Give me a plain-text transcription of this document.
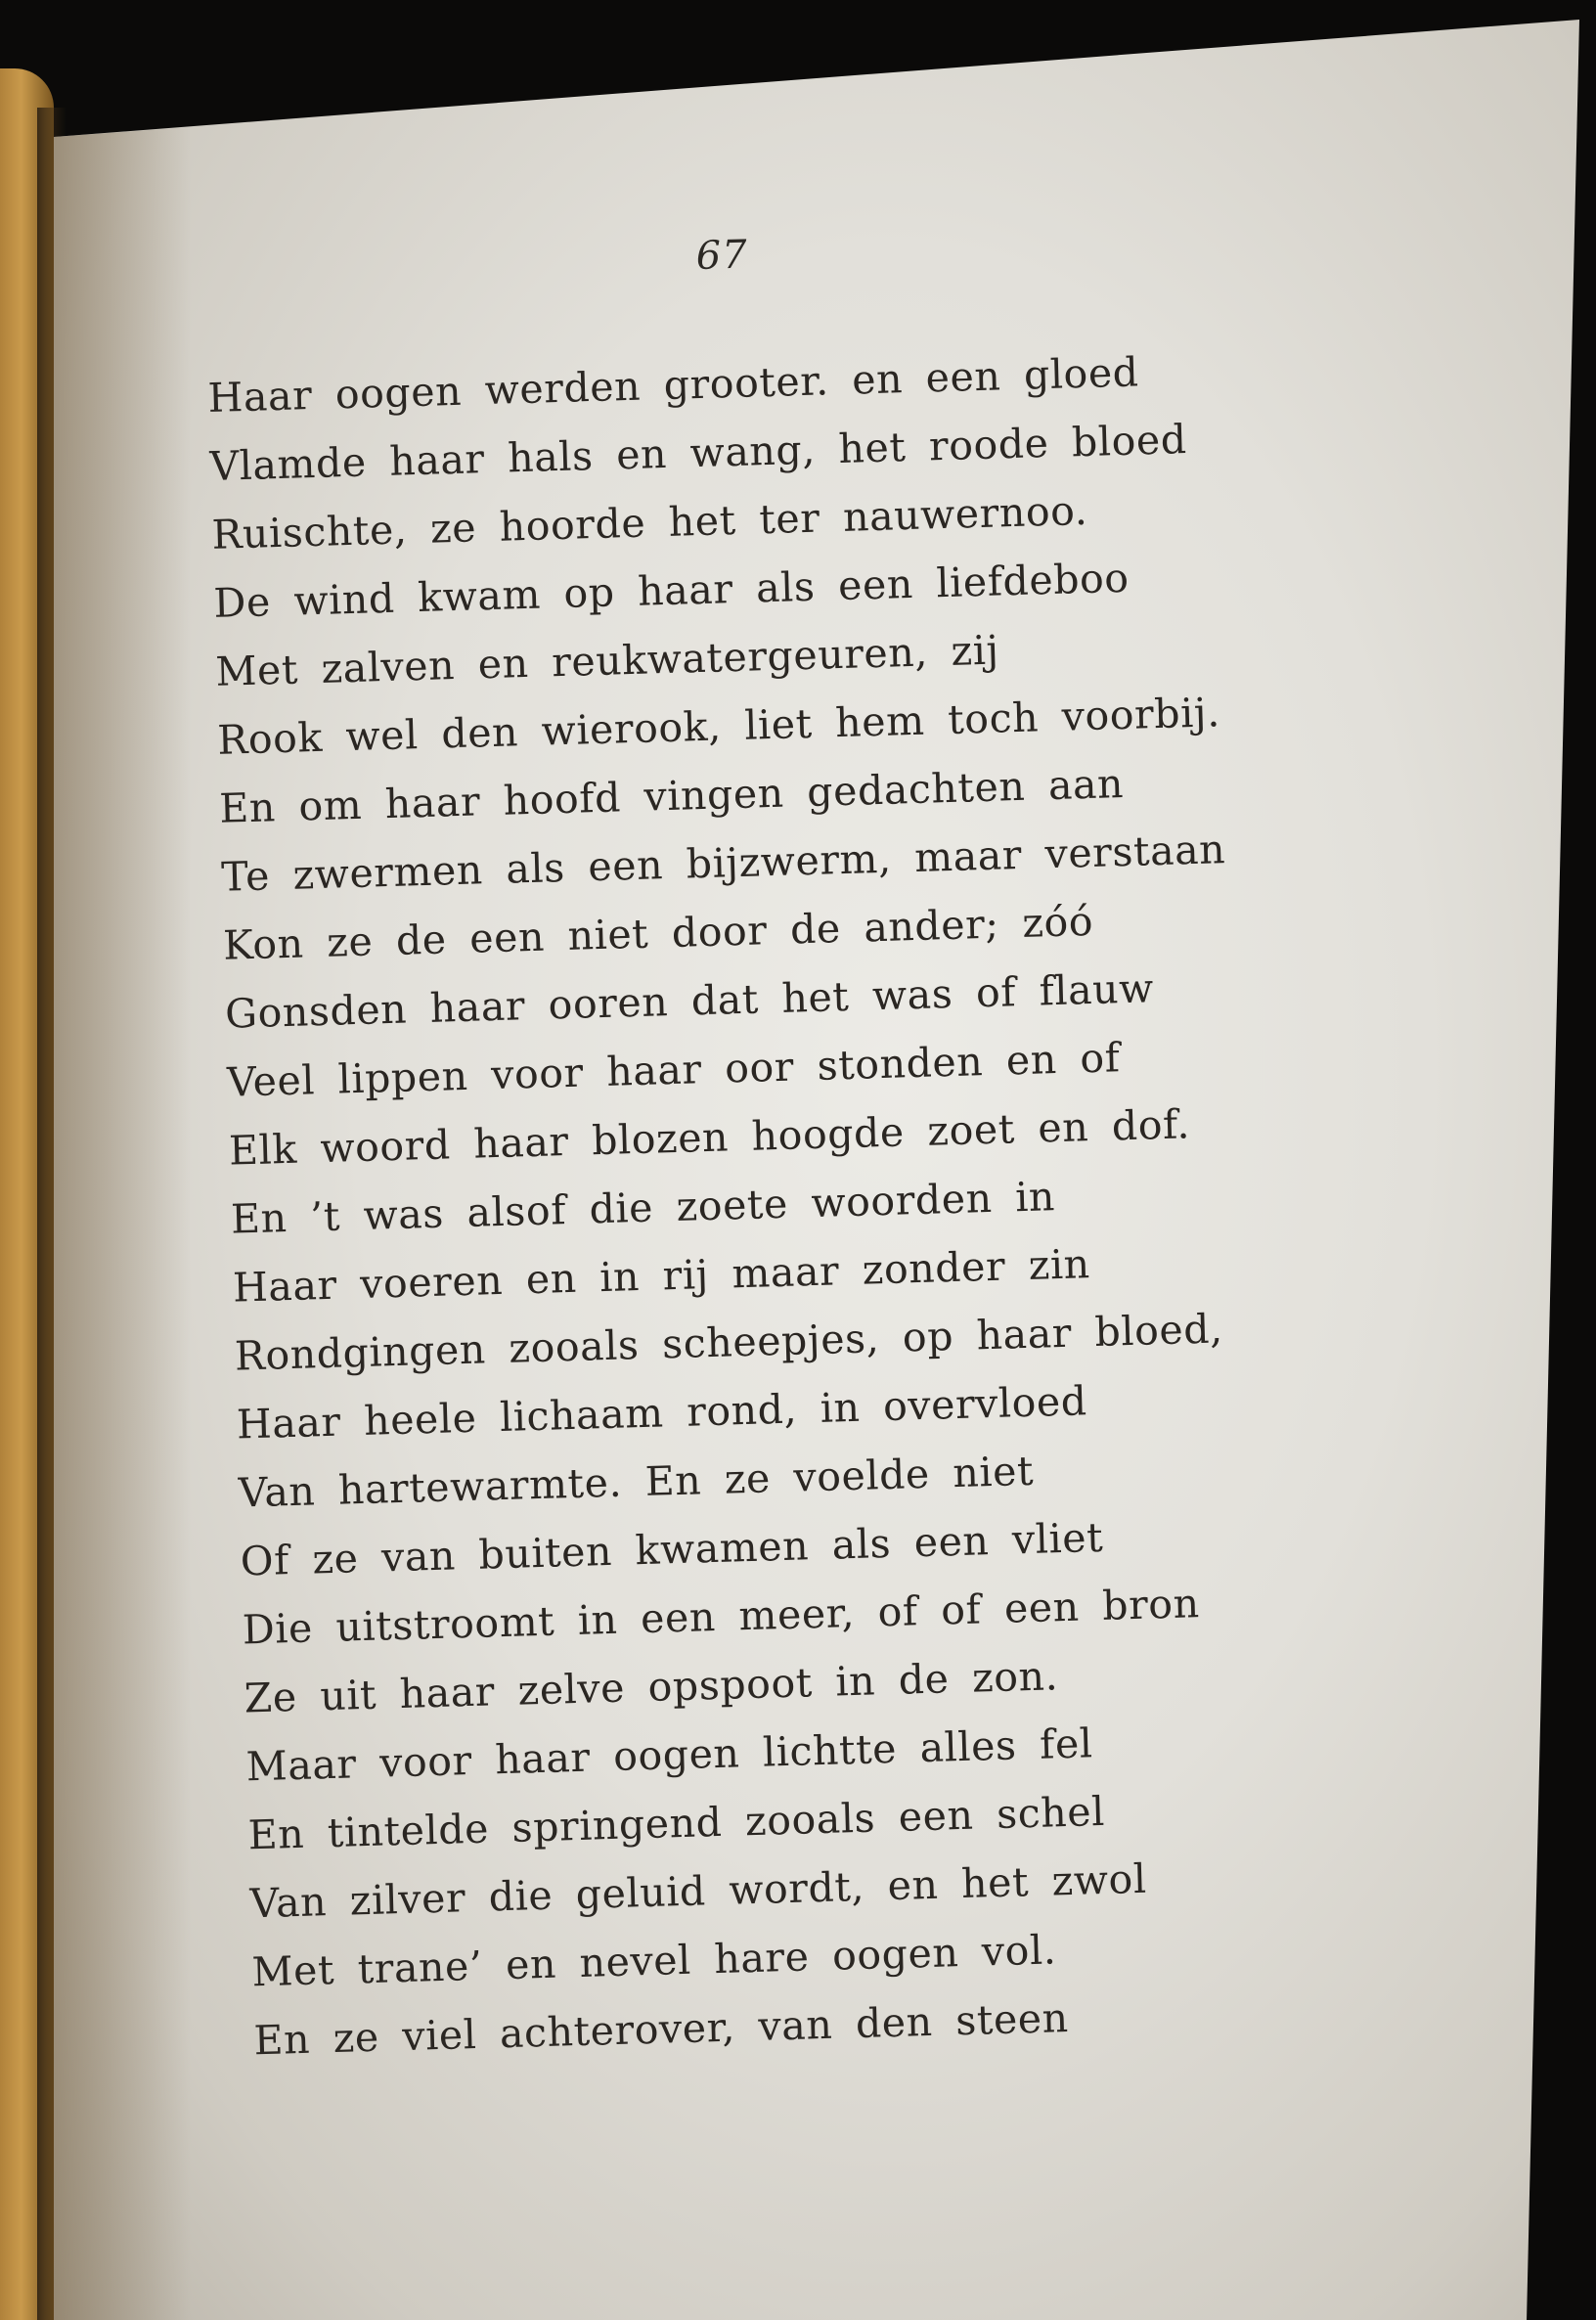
67
Haar oogen werden grooter. en een gloed
Vlamde haar hals en wang, het roode bloed
Ruischte, ze hoorde het ter nauwernoo.
De wind kwam op haar als een liefdeboo
Met zalven en reukwatergeuren, zij
Rook wel den wierook, liet hem toch voorbij.
En om haar hoofd vingen gedachten aan
Te zwermen als een bijzwerm, maar verstaan
Kon ze de een niet door de ander; zóó
Gonsden haar ooren dat het was of flauw
Veel lippen voor haar oor stonden en of
Elk woord haar blozen hoogde zoet en dof.
En ’t was alsof die zoete woorden in
Haar voeren en in rij maar zonder zin
Rondgingen zooals scheepjes, op haar bloed,
Haar heele lichaam rond, in overvloed
Van hartewarmte. En ze voelde niet
Of ze van buiten kwamen als een vliet
Die uitstroomt in een meer, of of een bron
Ze uit haar zelve opspoot in de zon.
Maar voor haar oogen lichtte alles fel
En tintelde springend zooals een schel
Van zilver die geluid wordt, en het zwol
Met trane’ en nevel hare oogen vol.
En ze viel achterover, van den steen
